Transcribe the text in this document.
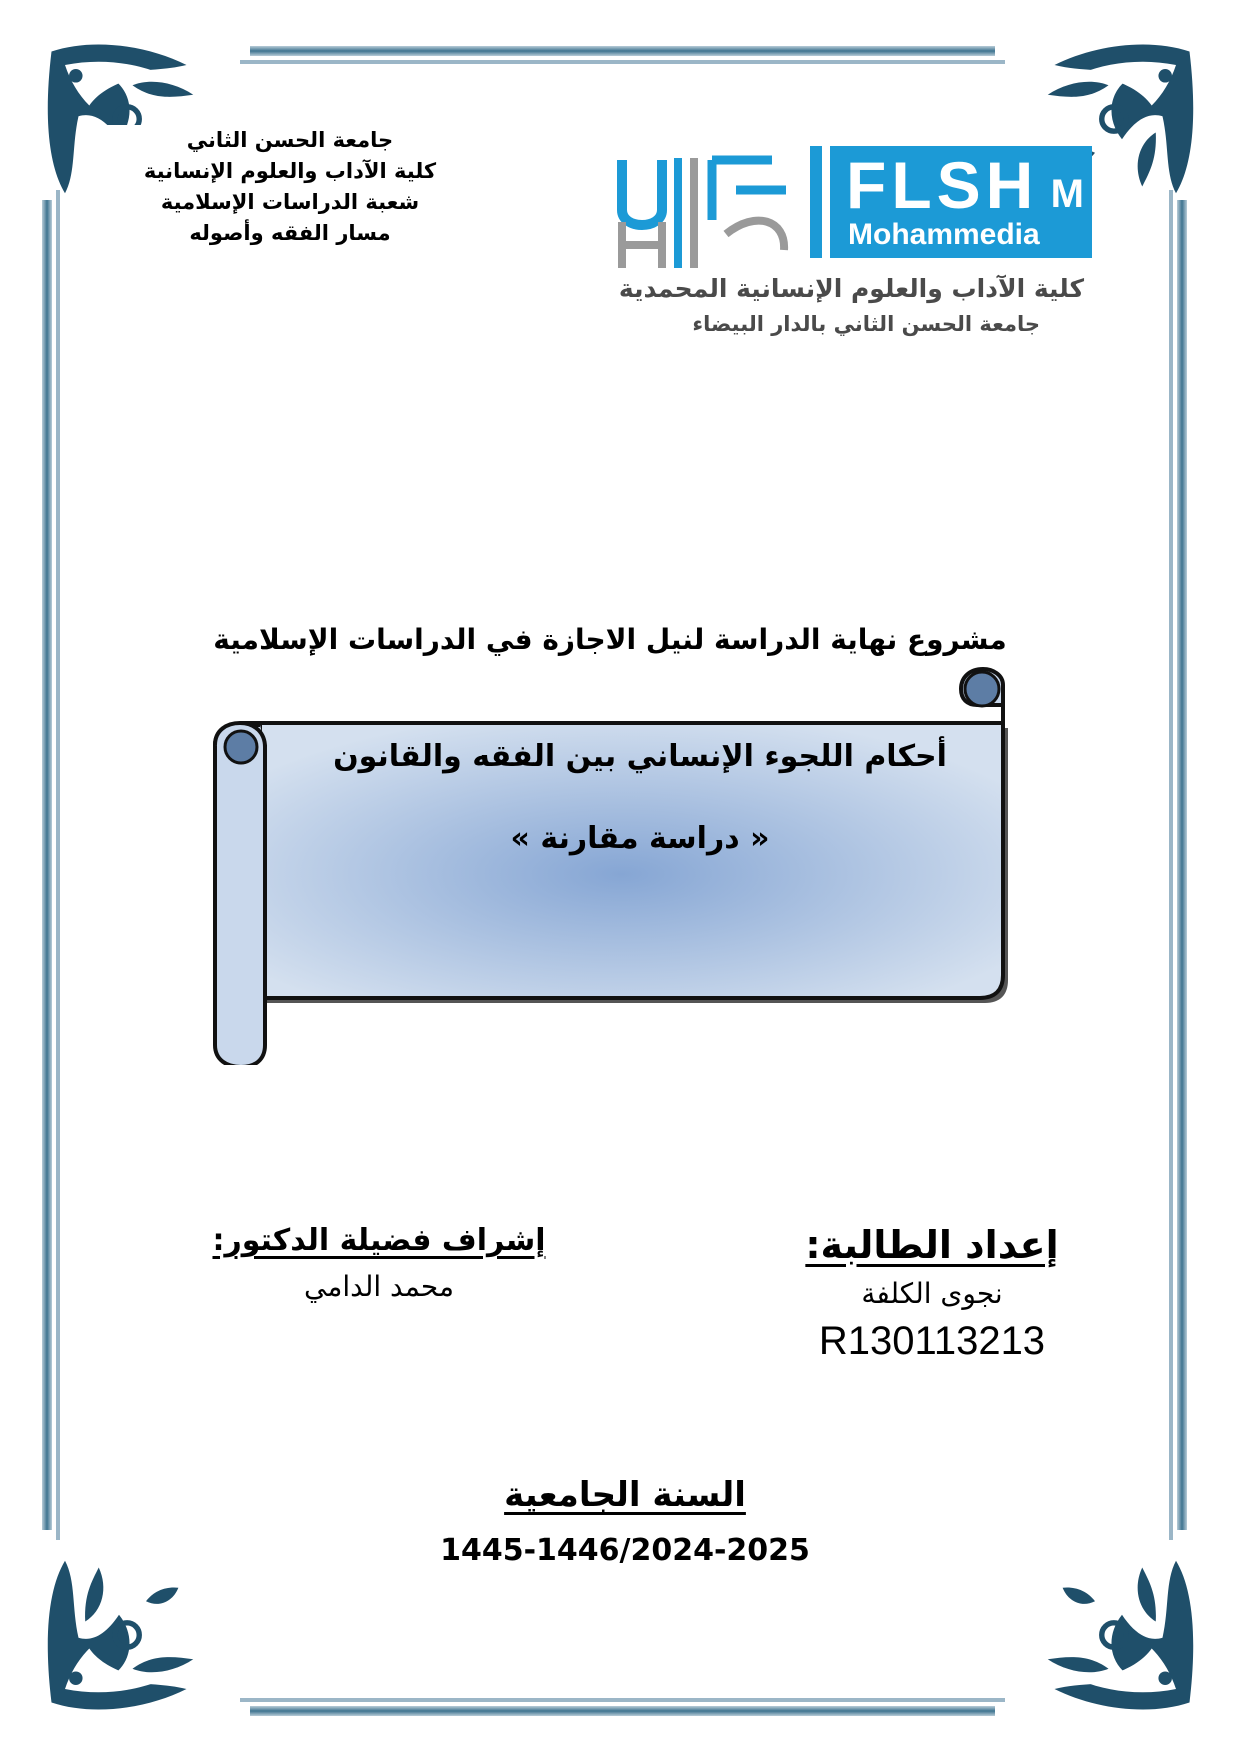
جامعة الحسن الثاني
كلية الآداب والعلوم الإنسانية
شعبة الدراسات الإسلامية
مسار الفقه وأصوله
FLSH M
Mohammedia
كلية الآداب والعلوم الإنسانية المحمدية
جامعة الحسن الثاني بالدار البيضاء
مشروع نهاية الدراسة لنيل الاجازة في الدراسات الإسلامية
أحكام اللجوء الإنساني بين الفقه والقانون
« دراسة مقارنة »
إشراف فضيلة الدكتور:
محمد الدامي
إعداد الطالبة:
نجوى الكلفة
R130113213
السنة الجامعية
1445-1446/2024-2025
